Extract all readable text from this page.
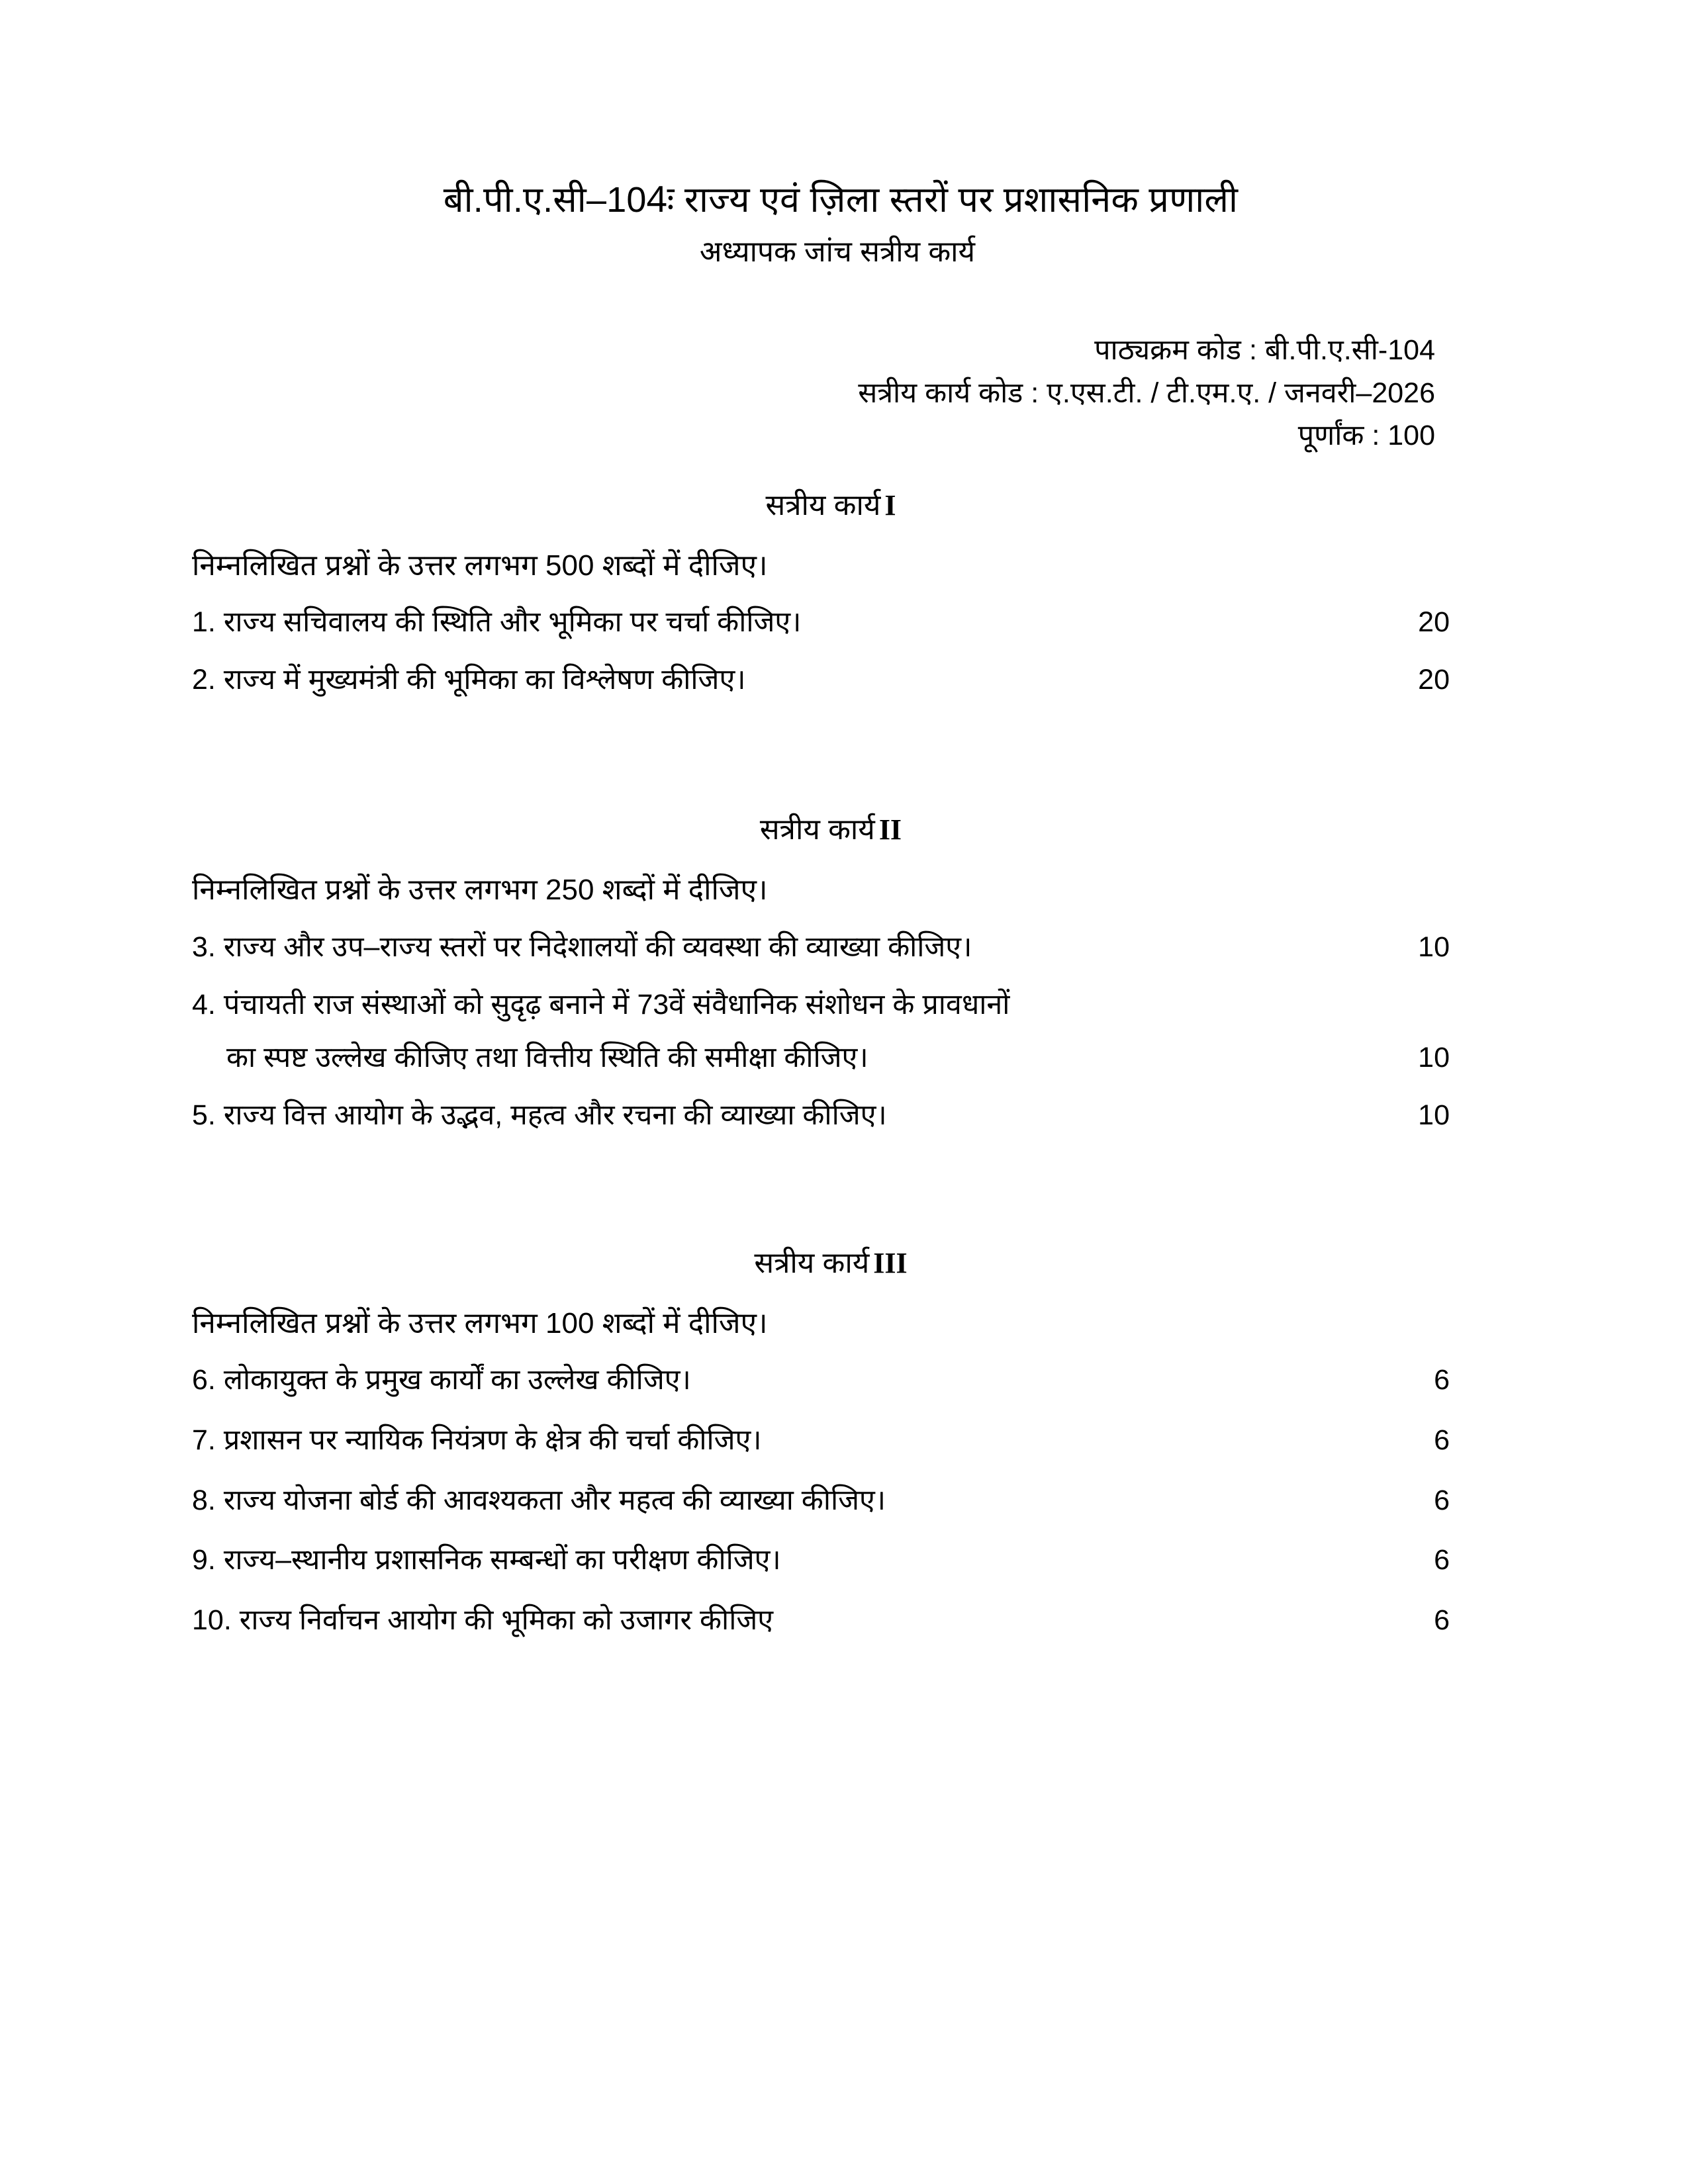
बी.पी.ए.सी–104ः राज्य एवं ज़िला स्तरों पर प्रशासनिक प्रणाली
अध्यापक जांच सत्रीय कार्य
पाठ्यक्रम कोड : बी.पी.ए.सी-104
सत्रीय कार्य कोड : ए.एस.टी. / टी.एम.ए. / जनवरी–2026
पूर्णांक : 100
सत्रीय कार्य I
निम्नलिखित प्रश्नों के उत्तर लगभग 500 शब्दों में दीजिए।
1. राज्य सचिवालय की स्थिति और भूमिका पर चर्चा कीजिए।	20
2. राज्य में मुख्यमंत्री की भूमिका का विश्लेषण कीजिए।	20
सत्रीय कार्य II
निम्नलिखित प्रश्नों के उत्तर लगभग 250 शब्दों में दीजिए।
3. राज्य और उप–राज्य स्तरों पर निदेशालयों की व्यवस्था की व्याख्या कीजिए।	10
4. पंचायती राज संस्थाओं को सुदृढ़ बनाने में 73वें संवैधानिक संशोधन के प्रावधानों
का स्पष्ट उल्लेख कीजिए तथा वित्तीय स्थिति की समीक्षा कीजिए।	10
5. राज्य वित्त आयोग के उद्भव, महत्व और रचना की व्याख्या कीजिए।	10
सत्रीय कार्य III
निम्नलिखित प्रश्नों के उत्तर लगभग 100 शब्दों में दीजिए।
6. लोकायुक्त के प्रमुख कार्यों का उल्लेख कीजिए।	6
7. प्रशासन पर न्यायिक नियंत्रण के क्षेत्र की चर्चा कीजिए।	6
8. राज्य योजना बोर्ड की आवश्यकता और महत्व की व्याख्या कीजिए।	6
9. राज्य–स्थानीय प्रशासनिक सम्बन्धों का परीक्षण कीजिए।	6
10. राज्य निर्वाचन आयोग की भूमिका को उजागर कीजिए	6
